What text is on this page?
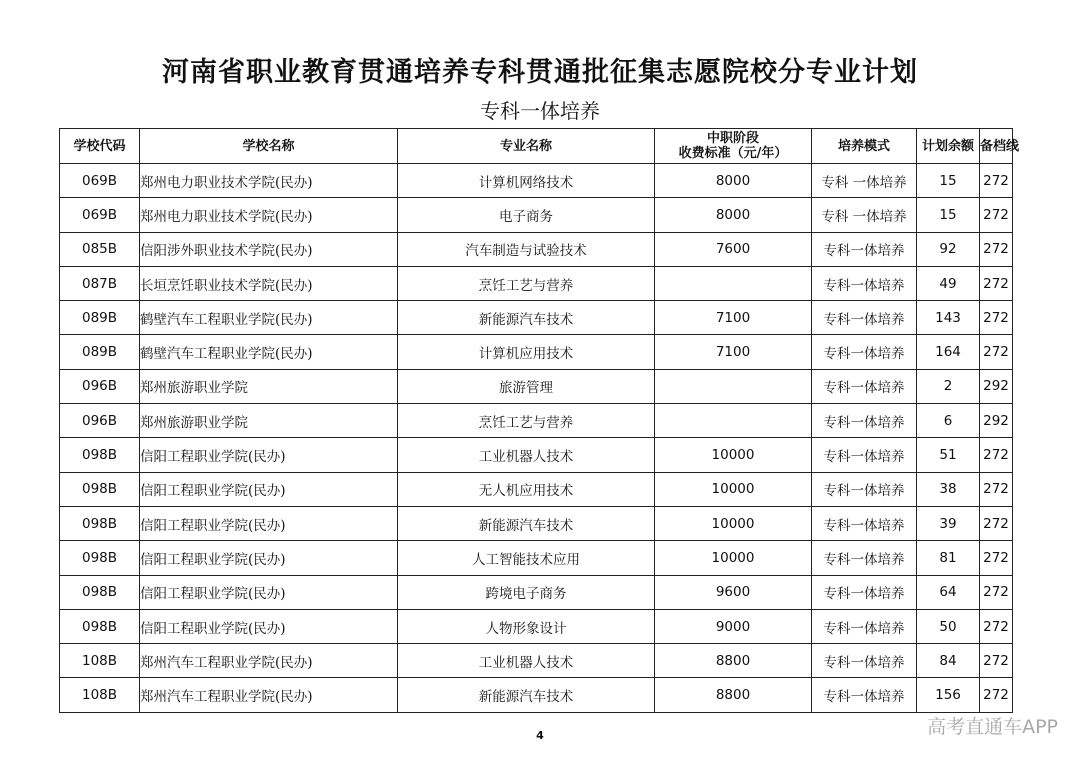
河南省职业教育贯通培养专科贯通批征集志愿院校分专业计划
专科一体培养
学校代码	学校名称	专业名称	中职阶段
收费标准（元/年）	培养模式	计划余额	备档线
069B	郑州电力职业技术学院(民办)	计算机网络技术	8000	专科 一体培养	15	272
069B	郑州电力职业技术学院(民办)	电子商务	8000	专科 一体培养	15	272
085B	信阳涉外职业技术学院(民办)	汽车制造与试验技术	7600	专科一体培养	92	272
087B	长垣烹饪职业技术学院(民办)	烹饪工艺与营养		专科一体培养	49	272
089B	鹤壁汽车工程职业学院(民办)	新能源汽车技术	7100	专科一体培养	143	272
089B	鹤壁汽车工程职业学院(民办)	计算机应用技术	7100	专科一体培养	164	272
096B	郑州旅游职业学院	旅游管理		专科一体培养	2	292
096B	郑州旅游职业学院	烹饪工艺与营养		专科一体培养	6	292
098B	信阳工程职业学院(民办)	工业机器人技术	10000	专科一体培养	51	272
098B	信阳工程职业学院(民办)	无人机应用技术	10000	专科一体培养	38	272
098B	信阳工程职业学院(民办)	新能源汽车技术	10000	专科一体培养	39	272
098B	信阳工程职业学院(民办)	人工智能技术应用	10000	专科一体培养	81	272
098B	信阳工程职业学院(民办)	跨境电子商务	9600	专科一体培养	64	272
098B	信阳工程职业学院(民办)	人物形象设计	9000	专科一体培养	50	272
108B	郑州汽车工程职业学院(民办)	工业机器人技术	8800	专科一体培养	84	272
108B	郑州汽车工程职业学院(民办)	新能源汽车技术	8800	专科一体培养	156	272
4	高考直通车APP
